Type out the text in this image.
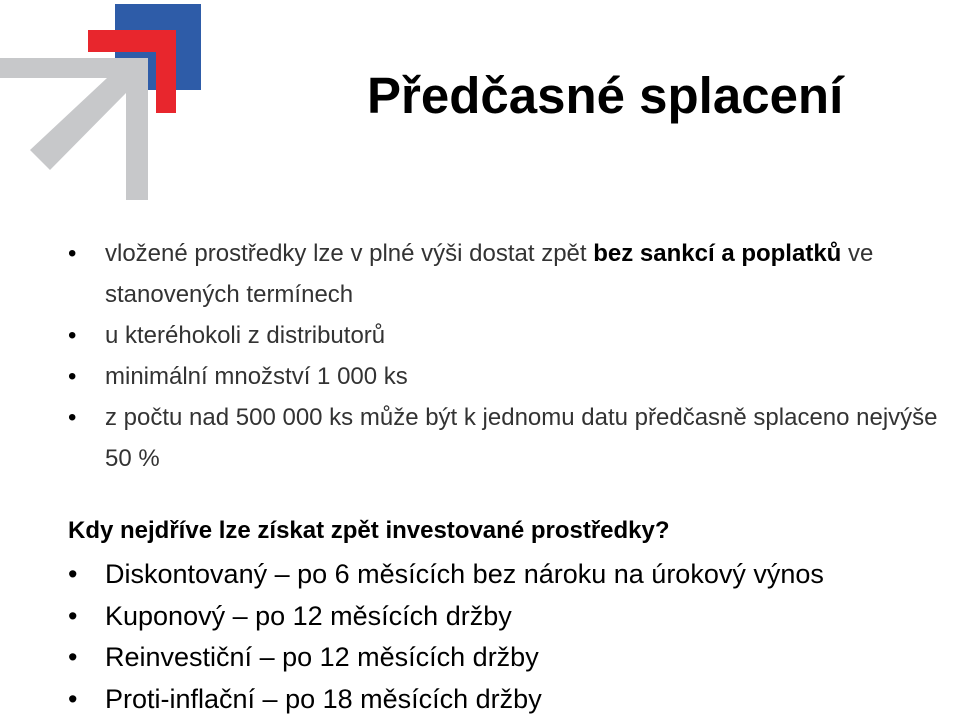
Předčasné splacení
• vložené prostředky lze v plné výši dostat zpět bez sankcí a poplatků ve stanovených termínech
• u kteréhokoli z distributorů
• minimální množství 1 000 ks
• z počtu nad 500 000 ks může být k jednomu datu předčasně splaceno nejvýše 50 %
Kdy nejdříve lze získat zpět investované prostředky?
• Diskontovaný – po 6 měsících bez nároku na úrokový výnos
• Kuponový – po 12 měsících držby
• Reinvestiční – po 12 měsících držby
• Proti-inflační – po 18 měsících držby
